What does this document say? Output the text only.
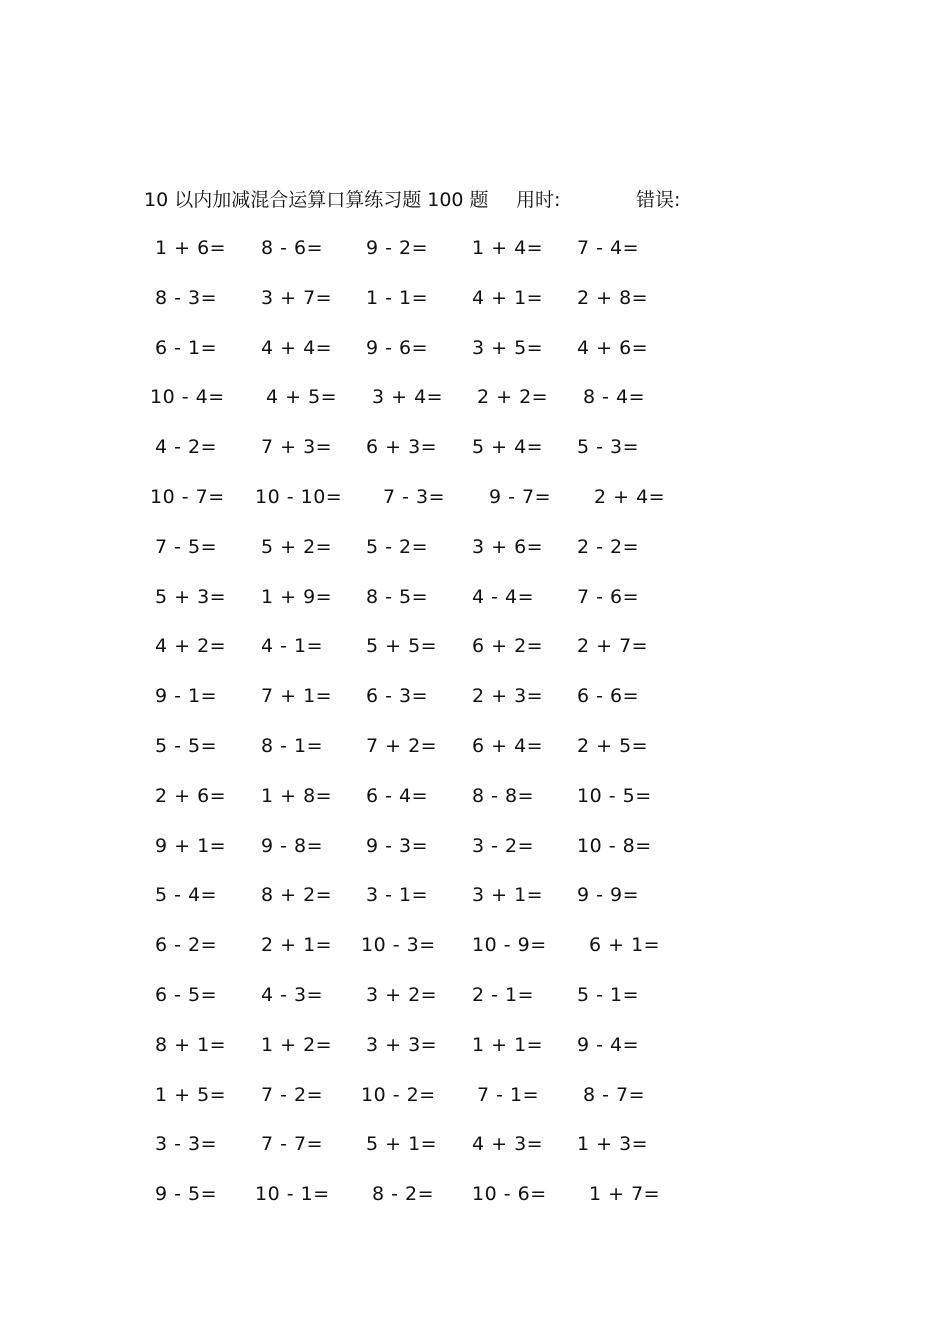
10 以内加减混合运算口算练习题 100 题 用时:	错误:
1 + 6= 8 - 6= 9 - 2= 1 + 4= 7 - 4=
8 - 3= 3 + 7= 1 - 1= 4 + 1= 2 + 8=
6 - 1= 4 + 4= 9 - 6= 3 + 5= 4 + 6=
10 - 4= 4 + 5= 3 + 4= 2 + 2= 8 - 4=
4 - 2= 7 + 3= 6 + 3= 5 + 4= 5 - 3=
10 - 7= 10 - 10= 7 - 3= 9 - 7= 2 + 4=
7 - 5= 5 + 2= 5 - 2= 3 + 6= 2 - 2=
5 + 3= 1 + 9= 8 - 5= 4 - 4= 7 - 6=
4 + 2= 4 - 1= 5 + 5= 6 + 2= 2 + 7=
9 - 1= 7 + 1= 6 - 3= 2 + 3= 6 - 6=
5 - 5= 8 - 1= 7 + 2= 6 + 4= 2 + 5=
2 + 6= 1 + 8= 6 - 4= 8 - 8= 10 - 5=
9 + 1= 9 - 8= 9 - 3= 3 - 2= 10 - 8=
5 - 4= 8 + 2= 3 - 1= 3 + 1= 9 - 9=
6 - 2= 2 + 1= 10 - 3= 10 - 9= 6 + 1=
6 - 5= 4 - 3= 3 + 2= 2 - 1= 5 - 1=
8 + 1= 1 + 2= 3 + 3= 1 + 1= 9 - 4=
1 + 5= 7 - 2= 10 - 2= 7 - 1= 8 - 7=
3 - 3= 7 - 7= 5 + 1= 4 + 3= 1 + 3=
9 - 5= 10 - 1= 8 - 2= 10 - 6= 1 + 7=
